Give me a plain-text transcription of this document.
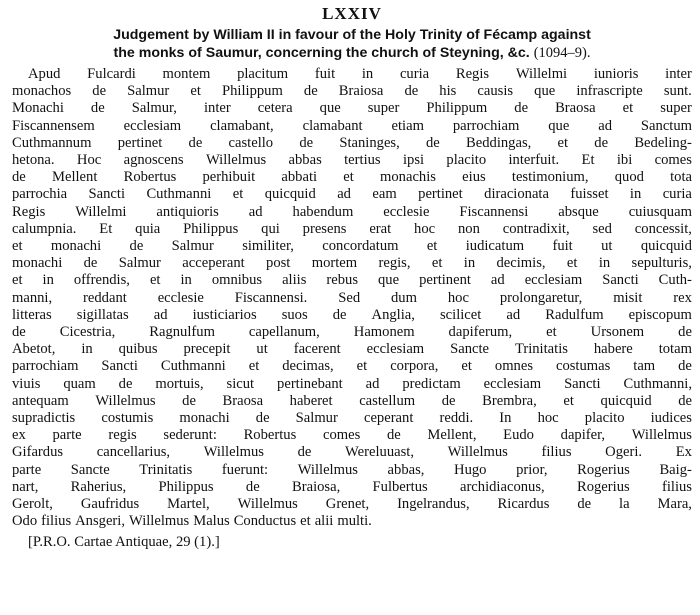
LXXIV
Judgement by William II in favour of the Holy Trinity of Fécamp against
the monks of Saumur, concerning the church of Steyning, &c. (1094–9).
Apud Fulcardi montem placitum fuit in curia Regis Willelmi iunioris inter
monachos de Salmur et Philippum de Braiosa de his causis que infrascripte sunt.
Monachi de Salmur, inter cetera que super Philippum de Braosa et super
Fiscannensem ecclesiam clamabant, clamabant etiam parrochiam que ad Sanctum
Cuthmannum pertinet de castello de Staninges, de Beddingas, et de Bedeling-
hetona. Hoc agnoscens Willelmus abbas tertius ipsi placito interfuit. Et ibi comes
de Mellent Robertus perhibuit abbati et monachis eius testimonium, quod tota
parrochia Sancti Cuthmanni et quicquid ad eam pertinet diracionata fuisset in curia
Regis Willelmi antiquioris ad habendum ecclesie Fiscannensi absque cuiusquam
calumpnia. Et quia Philippus qui presens erat hoc non contradixit, sed concessit,
et monachi de Salmur similiter, concordatum et iudicatum fuit ut quicquid
monachi de Salmur acceperant post mortem regis, et in decimis, et in sepulturis,
et in offrendis, et in omnibus aliis rebus que pertinent ad ecclesiam Sancti Cuth-
manni, reddant ecclesie Fiscannensi. Sed dum hoc prolongaretur, misit rex
litteras sigillatas ad iusticiarios suos de Anglia, scilicet ad Radulfum episcopum
de Cicestria, Ragnulfum capellanum, Hamonem dapiferum, et Ursonem de
Abetot, in quibus precepit ut facerent ecclesiam Sancte Trinitatis habere totam
parrochiam Sancti Cuthmanni et decimas, et corpora, et omnes costumas tam de
viuis quam de mortuis, sicut pertinebant ad predictam ecclesiam Sancti Cuthmanni,
antequam Willelmus de Braosa haberet castellum de Brembra, et quicquid de
supradictis costumis monachi de Salmur ceperant reddi. In hoc placito iudices
ex parte regis sederunt: Robertus comes de Mellent, Eudo dapifer, Willelmus
Gifardus cancellarius, Willelmus de Wereluuast, Willelmus filius Ogeri. Ex
parte Sancte Trinitatis fuerunt: Willelmus abbas, Hugo prior, Rogerius Baig-
nart, Raherius, Philippus de Braiosa, Fulbertus archidiaconus, Rogerius filius
Gerolt, Gaufridus Martel, Willelmus Grenet, Ingelrandus, Ricardus de la Mara,
Odo filius Ansgeri, Willelmus Malus Conductus et alii multi.
[P.R.O. Cartae Antiquae, 29 (1).]
